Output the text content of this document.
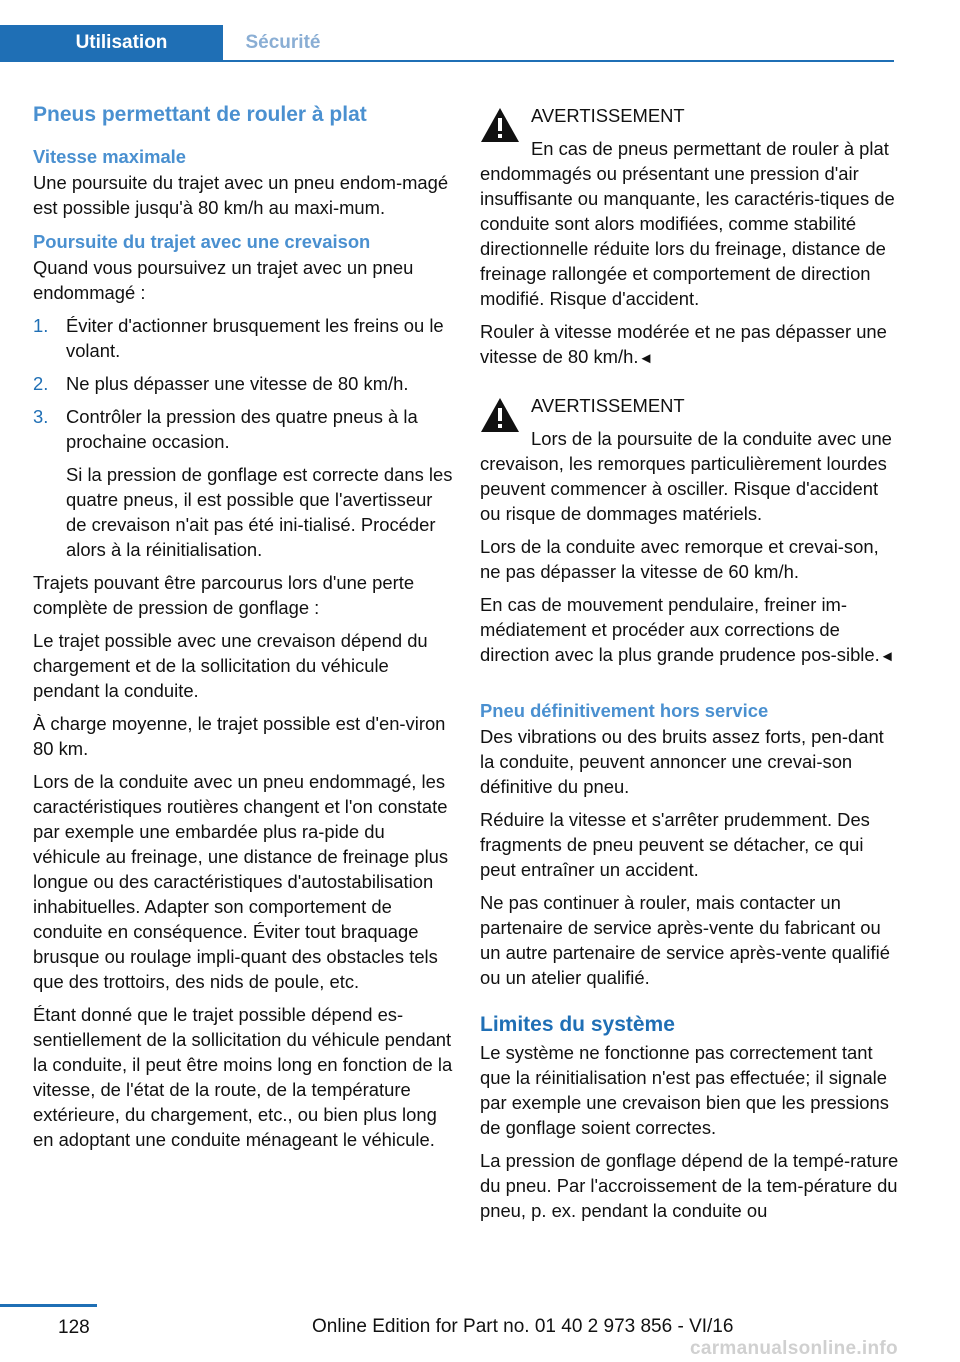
Utilisation	Sécurité
Pneus permettant de rouler à plat
Vitesse maximale

Une poursuite du trajet avec un pneu endom‐magé est possible jusqu'à 80 km/h au maxi‐mum.

Poursuite du trajet avec une crevaison

Quand vous poursuivez un trajet avec un pneu endommagé :

1. Éviter d'actionner brusquement les freins ou le volant.
2. Ne plus dépasser une vitesse de 80 km/h.
3. Contrôler la pression des quatre pneus à la prochaine occasion.
Si la pression de gonflage est correcte dans les quatre pneus, il est possible que l'avertisseur de crevaison n'ait pas été ini‐tialisé. Procéder alors à la réinitialisation.

Trajets pouvant être parcourus lors d'une perte complète de pression de gonflage :

Le trajet possible avec une crevaison dépend du chargement et de la sollicitation du véhicule pendant la conduite.

À charge moyenne, le trajet possible est d'en‐viron 80 km.

Lors de la conduite avec un pneu endommagé, les caractéristiques routières changent et l'on constate par exemple une embardée plus ra‐pide du véhicule au freinage, une distance de freinage plus longue ou des caractéristiques d'autostabilisation inhabituelles. Adapter son comportement de conduite en conséquence. Éviter tout braquage brusque ou roulage impli‐quant des obstacles tels que des trottoirs, des nids de poule, etc.

Étant donné que le trajet possible dépend es‐sentiellement de la sollicitation du véhicule pendant la conduite, il peut être moins long en fonction de la vitesse, de l'état de la route, de la température extérieure, du chargement, etc., ou bien plus long en adoptant une conduite ménageant le véhicule.

AVERTISSEMENT

En cas de pneus permettant de rouler à plat endommagés ou présentant une pression d'air insuffisante ou manquante, les caractéris‐tiques de conduite sont alors modifiées, comme stabilité directionnelle réduite lors du freinage, distance de freinage rallongée et comportement de direction modifié. Risque d'accident.

Rouler à vitesse modérée et ne pas dépasser une vitesse de 80 km/h.◄

AVERTISSEMENT

Lors de la poursuite de la conduite avec une crevaison, les remorques particulièrement lourdes peuvent commencer à osciller. Risque d'accident ou risque de dommages matériels.

Lors de la conduite avec remorque et crevai‐son, ne pas dépasser la vitesse de 60 km/h.

En cas de mouvement pendulaire, freiner im‐médiatement et procéder aux corrections de direction avec la plus grande prudence pos‐sible.◄

Pneu définitivement hors service

Des vibrations ou des bruits assez forts, pen‐dant la conduite, peuvent annoncer une crevai‐son définitive du pneu.

Réduire la vitesse et s'arrêter prudemment. Des fragments de pneu peuvent se détacher, ce qui peut entraîner un accident.

Ne pas continuer à rouler, mais contacter un partenaire de service après-vente du fabricant ou un autre partenaire de service après-vente qualifié ou un atelier qualifié.

Limites du système

Le système ne fonctionne pas correctement tant que la réinitialisation n'est pas effectuée; il signale par exemple une crevaison bien que les pressions de gonflage soient correctes.

La pression de gonflage dépend de la tempé‐rature du pneu. Par l'accroissement de la tem‐pérature du pneu, p. ex. pendant la conduite ou

128	Online Edition for Part no. 01 40 2 973 856 - VI/16
carmanualsonline.info
